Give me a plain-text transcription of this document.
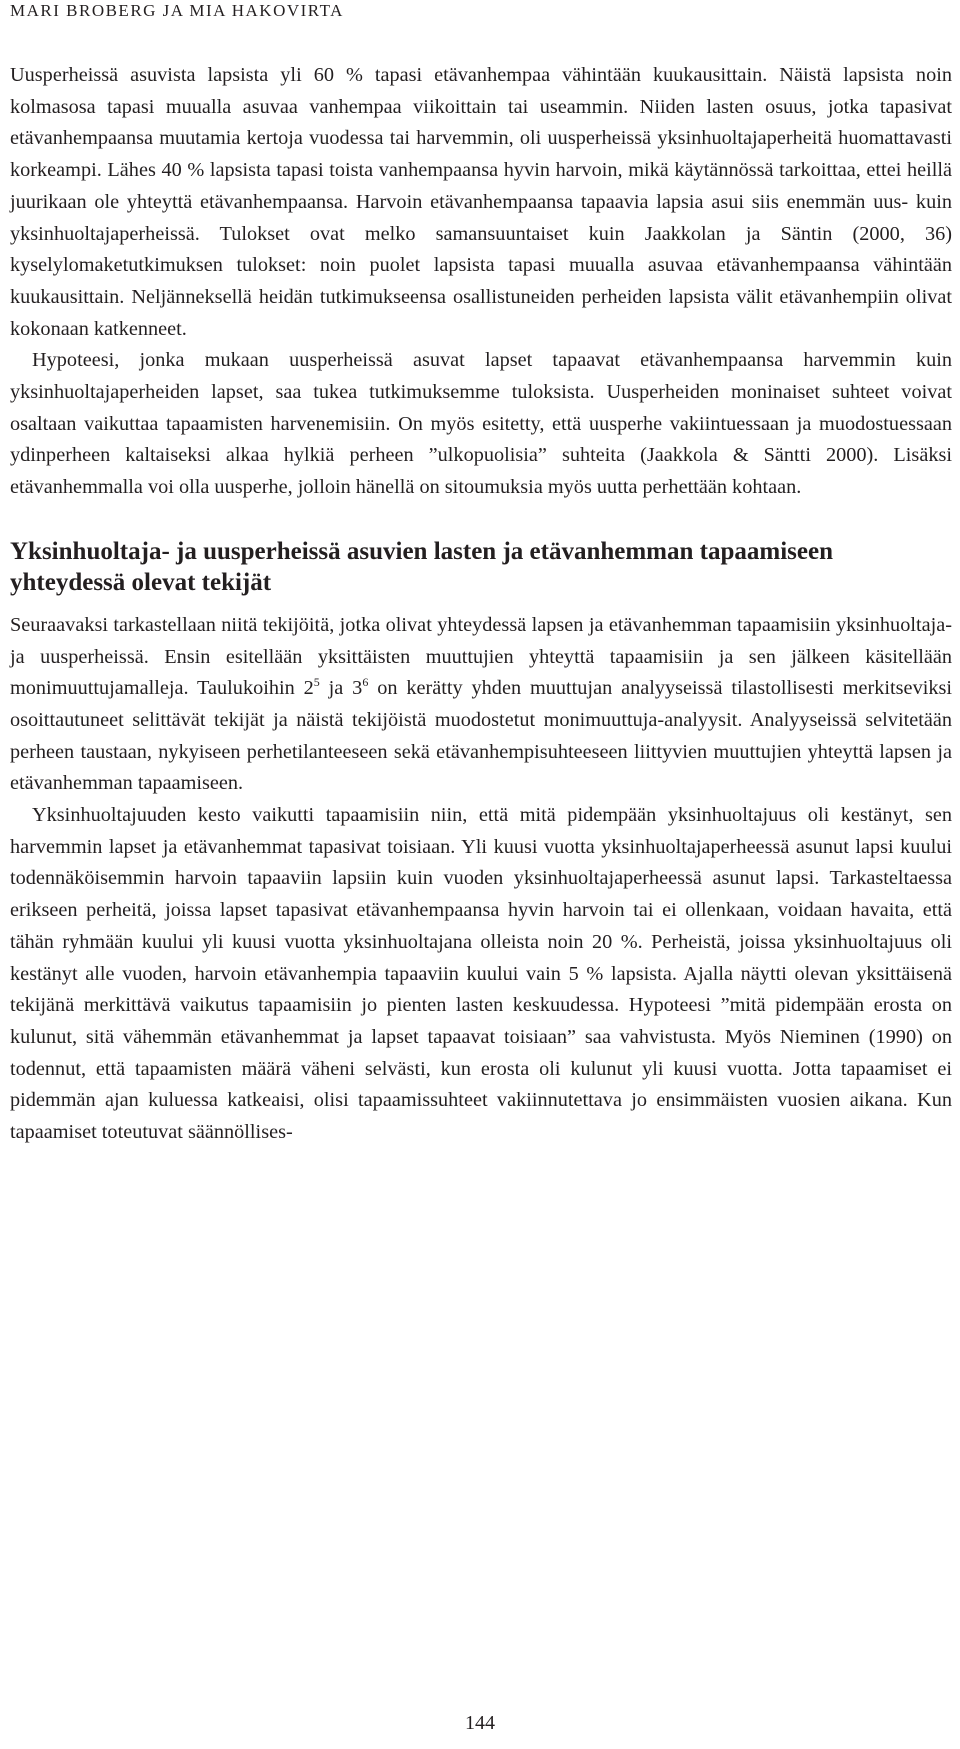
MARI BROBERG JA MIA HAKOVIRTA

Uusperheissä asuvista lapsista yli 60 % tapasi etävanhempaa vähintään kuukausittain. Näistä lapsista noin kolmasosa tapasi muualla asuvaa vanhempaa viikoittain tai useammin. Niiden lasten osuus, jotka tapasivat etävanhempaansa muutamia kertoja vuodessa tai harvemmin, oli uusperheissä yksinhuoltajaperheitä huomattavasti korkeampi. Lähes 40 % lapsista tapasi toista vanhempaansa hyvin harvoin, mikä käytännössä tarkoittaa, ettei heillä juurikaan ole yhteyttä etävanhempaansa. Harvoin etävanhempaansa tapaavia lapsia asui siis enemmän uus- kuin yksinhuoltajaperheissä. Tulokset ovat melko samansuuntaiset kuin Jaakkolan ja Säntin (2000, 36) kyselylomaketutkimuksen tulokset: noin puolet lapsista tapasi muualla asuvaa etävanhempaansa vähintään kuukausittain. Neljänneksellä heidän tutkimukseensa osallistuneiden perheiden lapsista välit etävanhempiin olivat kokonaan katkenneet.

Hypoteesi, jonka mukaan uusperheissä asuvat lapset tapaavat etävanhempaansa harvemmin kuin yksinhuoltajaperheiden lapset, saa tukea tutkimuksemme tuloksista. Uusperheiden moninaiset suhteet voivat osaltaan vaikuttaa tapaamisten harvenemisiin. On myös esitetty, että uusperhe vakiintuessaan ja muodostuessaan ydinperheen kaltaiseksi alkaa hylkiä perheen ”ulkopuolisia” suhteita (Jaakkola & Säntti 2000). Lisäksi etävanhemmalla voi olla uusperhe, jolloin hänellä on sitoumuksia myös uutta perhettään kohtaan.

Yksinhuoltaja- ja uusperheissä asuvien lasten ja etävanhemman tapaamiseen yhteydessä olevat tekijät

Seuraavaksi tarkastellaan niitä tekijöitä, jotka olivat yhteydessä lapsen ja etävanhemman tapaamisiin yksinhuoltaja- ja uusperheissä. Ensin esitellään yksittäisten muuttujien yhteyttä tapaamisiin ja sen jälkeen käsitellään monimuuttujamalleja. Taulukoihin $2^5$ ja $3^6$ on kerätty yhden muuttujan analyyseissä tilastollisesti merkitseviksi osoittautuneet selittävät tekijät ja näistä tekijöistä muodostetut monimuuttuja-analyysit. Analyyseissä selvitetään perheen taustaan, nykyiseen perhetilanteeseen sekä etävanhempisuhteeseen liittyvien muuttujien yhteyttä lapsen ja etävanhemman tapaamiseen.

Yksinhuoltajuuden kesto vaikutti tapaamisiin niin, että mitä pidempään yksinhuoltajuus oli kestänyt, sen harvemmin lapset ja etävanhemmat tapasivat toisiaan. Yli kuusi vuotta yksinhuoltajaperheessä asunut lapsi kuului todennäköisemmin harvoin tapaaviin lapsiin kuin vuoden yksinhuoltajaperheessä asunut lapsi. Tarkasteltaessa erikseen perheitä, joissa lapset tapasivat etävanhempaansa hyvin harvoin tai ei ollenkaan, voidaan havaita, että tähän ryhmään kuului yli kuusi vuotta yksinhuoltajana olleista noin 20 %. Perheistä, joissa yksinhuoltajuus oli kestänyt alle vuoden, harvoin etävanhempia tapaaviin kuului vain 5 % lapsista. Ajalla näytti olevan yksittäisenä tekijänä merkittävä vaikutus tapaamisiin jo pienten lasten keskuudessa. Hypoteesi ”mitä pidempään erosta on kulunut, sitä vähemmän etävanhemmat ja lapset tapaavat toisiaan” saa vahvistusta. Myös Nieminen (1990) on todennut, että tapaamisten määrä väheni selvästi, kun erosta oli kulunut yli kuusi vuotta. Jotta tapaamiset ei pidemmän ajan kuluessa katkeaisi, olisi tapaamissuhteet vakiinnutettava jo ensimmäisten vuosien aikana. Kun tapaamiset toteutuvat säännöllises-

144
